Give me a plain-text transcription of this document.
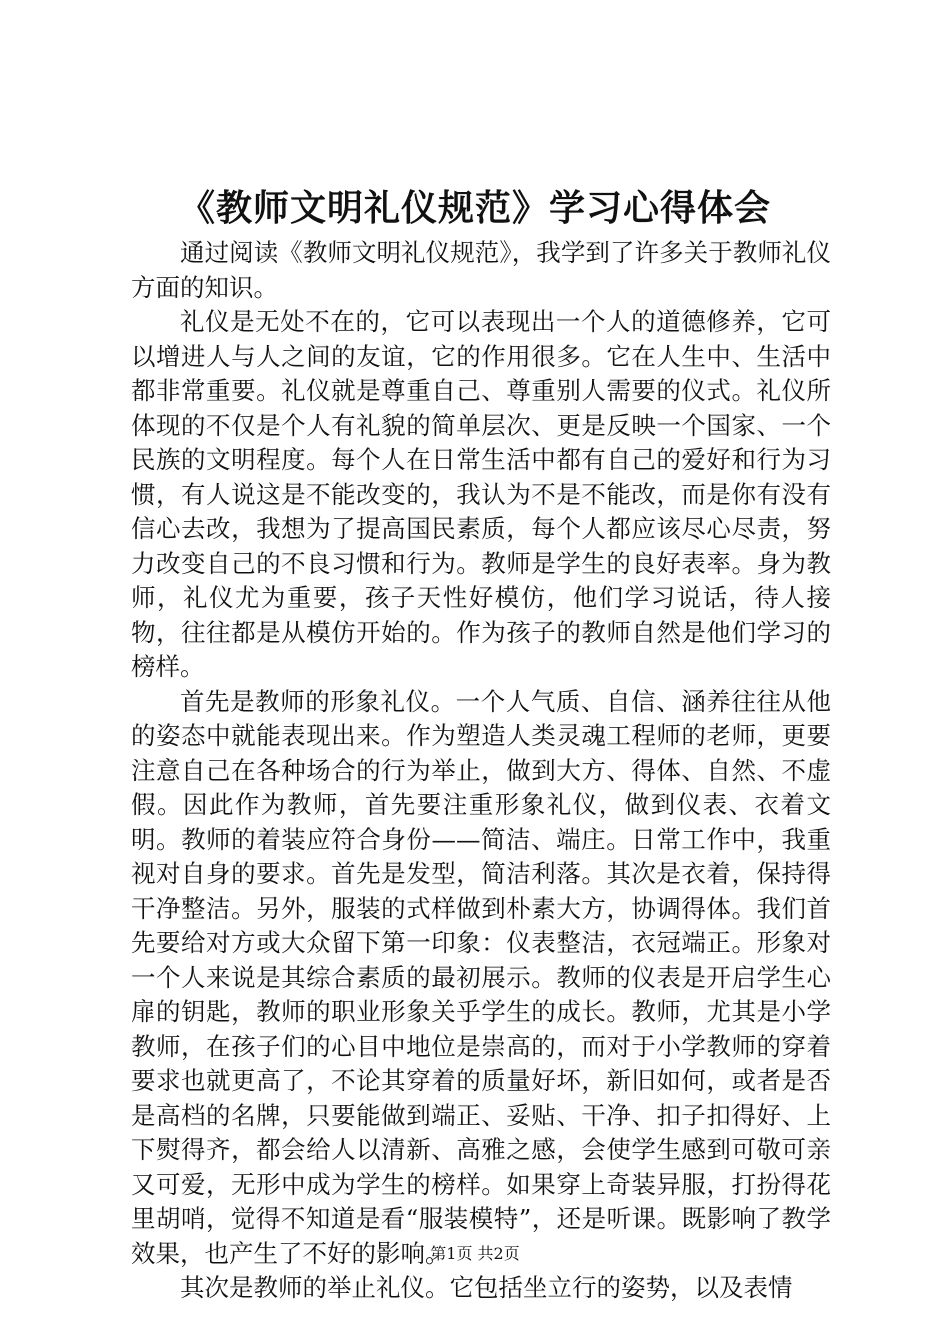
《教师文明礼仪规范》学习心得体会

通过阅读《教师文明礼仪规范》，我学到了许多关于教师礼仪方面的知识。

礼仪是无处不在的，它可以表现出一个人的道德修养，它可以增进人与人之间的友谊，它的作用很多。它在人生中、生活中都非常重要。礼仪就是尊重自己、尊重别人需要的仪式。礼仪所体现的不仅是个人有礼貌的简单层次、更是反映一个国家、一个民族的文明程度。每个人在日常生活中都有自己的爱好和行为习惯，有人说这是不能改变的，我认为不是不能改，而是你有没有信心去改，我想为了提高国民素质，每个人都应该尽心尽责，努力改变自己的不良习惯和行为。教师是学生的良好表率。身为教师，礼仪尤为重要，孩子天性好模仿，他们学习说话，待人接物，往往都是从模仿开始的。作为孩子的教师自然是他们学习的榜样。

首先是教师的形象礼仪。一个人气质、自信、涵养往往从他的姿态中就能表现出来。作为塑造人类灵魂工程师的老师，更要注意自己在各种场合的行为举止，做到大方、得体、自然、不虚假。因此作为教师，首先要注重形象礼仪，做到仪表、衣着文明。教师的着装应符合身份——简洁、端庄。日常工作中，我重视对自身的要求。首先是发型，简洁利落。其次是衣着，保持得干净整洁。另外，服装的式样做到朴素大方，协调得体。我们首先要给对方或大众留下第一印象：仪表整洁，衣冠端正。形象对一个人来说是其综合素质的最初展示。教师的仪表是开启学生心扉的钥匙，教师的职业形象关乎学生的成长。教师，尤其是小学教师，在孩子们的心目中地位是崇高的，而对于小学教师的穿着要求也就更高了，不论其穿着的质量好坏，新旧如何，或者是否是高档的名牌，只要能做到端正、妥贴、干净、扣子扣得好、上下熨得齐，都会给人以清新、高雅之感，会使学生感到可敬可亲又可爱，无形中成为学生的榜样。如果穿上奇装异服，打扮得花里胡哨，觉得不知道是看“服装模特”，还是听课。既影响了教学效果，也产生了不好的影响。

其次是教师的举止礼仪。它包括坐立行的姿势，以及表情

第1页 共2页
